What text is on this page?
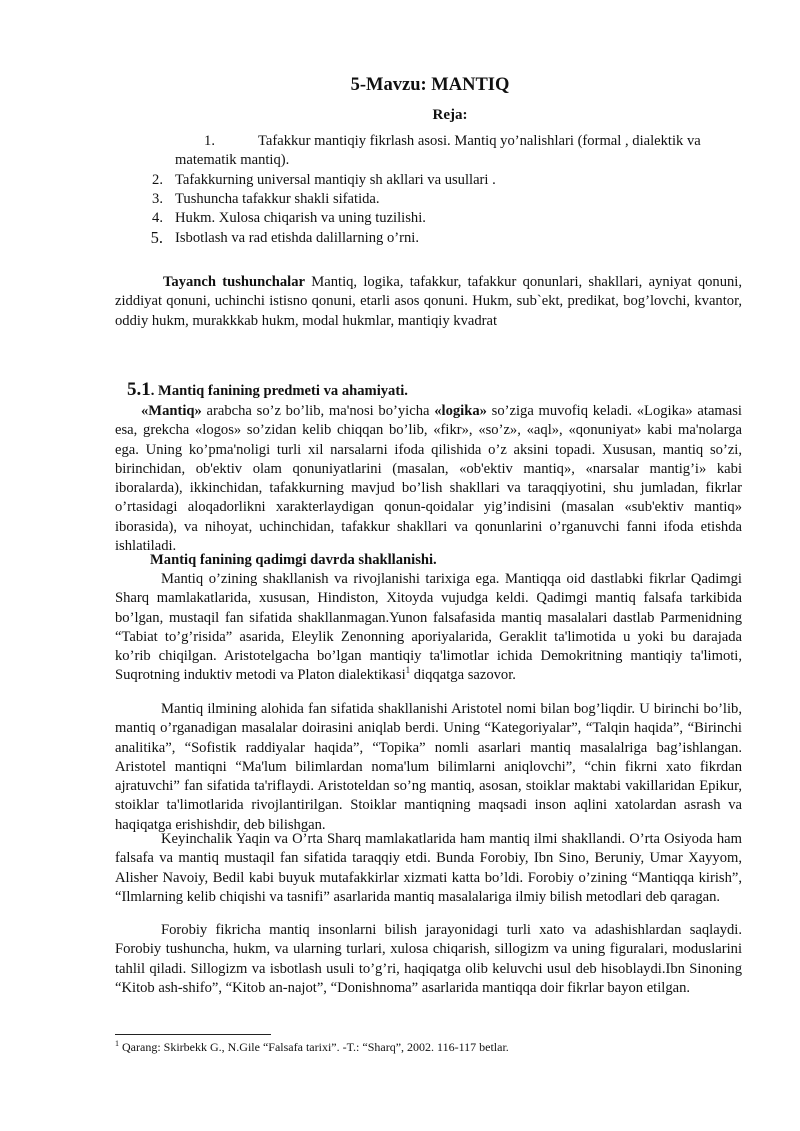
5-Mavzu: MANTIQ
Reja:
1.	Tafakkur mantiqiy fikrlash asosi. Mantiq yo’nalishlari (formal , dialektik va
matematik mantiq).
2. Tafakkurning universal mantiqiy sh akllari va usullari .
3. Tushuncha tafakkur shakli sifatida.
4. Hukm. Xulosa chiqarish va uning tuzilishi.
5. Isbotlash va rad etishda dalillarning o’rni.

Tayanch tushunchalar Mantiq, logika, tafakkur, tafakkur qonunlari, shakllari, ayniyat qonuni, ziddiyat qonuni, uchinchi istisno qonuni, etarli asos qonuni. Hukm, sub`ekt, predikat, bog’lovchi, kvantor, oddiy hukm, murakkkab hukm, modal hukmlar, mantiqiy kvadrat

5.1. Mantiq fanining predmeti va ahamiyati.

«Mantiq» arabcha so’z bo’lib, ma'nosi bo’yicha «logika» so’ziga muvofiq keladi. «Logika» atamasi esa, grekcha «logos» so’zidan kelib chiqqan bo’lib, «fikr», «so’z», «aql», «qonuniyat» kabi ma'nolarga ega. Uning ko’pma'noligi turli xil narsalarni ifoda qilishida o’z aksini topadi. Xususan, mantiq so’zi, birinchidan, ob'ektiv olam qonuniyatlarini (masalan, «ob'ektiv mantiq», «narsalar mantig’i» kabi iboralarda), ikkinchidan, tafakkurning mavjud bo’lish shakllari va taraqqiyotini, shu jumladan, fikrlar o’rtasidagi aloqadorlikni xarakterlaydigan qonun-qoidalar yig’indisini (masalan «sub'ektiv mantiq» iborasida), va nihoyat, uchinchidan, tafakkur shakllari va qonunlarini o’rganuvchi fanni ifoda etishda ishlatiladi.

Mantiq fanining qadimgi davrda shakllanishi.

Mantiq o’zining shakllanish va rivojlanishi tarixiga ega. Mantiqqa oid dastlabki fikrlar Qadimgi Sharq mamlakatlarida, xususan, Hindiston, Xitoyda vujudga keldi. Qadimgi mantiq falsafa tarkibida bo’lgan, mustaqil fan sifatida shakllanmagan.Yunon falsafasida mantiq masalalari dastlab Parmenidning “Tabiat to’g’risida” asarida, Eleylik Zenonning aporiyalarida, Geraklit ta'limotida u yoki bu darajada ko’rib chiqilgan. Aristotelgacha bo’lgan mantiqiy ta'limotlar ichida Demokritning mantiqiy ta'limoti, Suqrotning induktiv metodi va Platon dialektikasi$^1$ diqqatga sazovor.

Mantiq ilmining alohida fan sifatida shakllanishi Aristotel nomi bilan bog’liqdir. U birinchi bo’lib, mantiq o’rganadigan masalalar doirasini aniqlab berdi. Uning “Kategoriyalar”, “Talqin haqida”, “Birinchi analitika”, “Sofistik raddiyalar haqida”, “Topika” nomli asarlari mantiq masalalriga bag’ishlangan. Aristotel mantiqni “Ma'lum bilimlardan noma'lum bilimlarni aniqlovchi”, “chin fikrni xato fikrdan ajratuvchi” fan sifatida ta'riflaydi. Aristoteldan so’ng mantiq, asosan, stoiklar maktabi vakillaridan Epikur, stoiklar ta'limotlarida rivojlantirilgan. Stoiklar mantiqning maqsadi inson aqlini xatolardan asrash va haqiqatga erishishdir, deb bilishgan.

Keyinchalik Yaqin va O’rta Sharq mamlakatlarida ham mantiq ilmi shakllandi. O’rta Osiyoda ham falsafa va mantiq mustaqil fan sifatida taraqqiy etdi. Bunda Forobiy, Ibn Sino, Beruniy, Umar Xayyom, Alisher Navoiy, Bedil kabi buyuk mutafakkirlar xizmati katta bo’ldi. Forobiy o’zining “Mantiqqa kirish”, “Ilmlarning kelib chiqishi va tasnifi” asarlarida mantiq masalalariga ilmiy bilish metodlari deb qaragan.

Forobiy fikricha mantiq insonlarni bilish jarayonidagi turli xato va adashishlardan saqlaydi. Forobiy tushuncha, hukm, va ularning turlari, xulosa chiqarish, sillogizm va uning figuralari, moduslarini tahlil qiladi. Sillogizm va isbotlash usuli to’g’ri, haqiqatga olib keluvchi usul deb hisoblaydi.Ibn Sinoning “Kitob ash-shifo”, “Kitob an-najot”, “Donishnoma” asarlarida mantiqqa doir fikrlar bayon etilgan.

$^1$ Qarang: Skirbekk G., N.Gile “Falsafa tarixi”. -T.: “Sharq”, 2002. 116-117 betlar.
